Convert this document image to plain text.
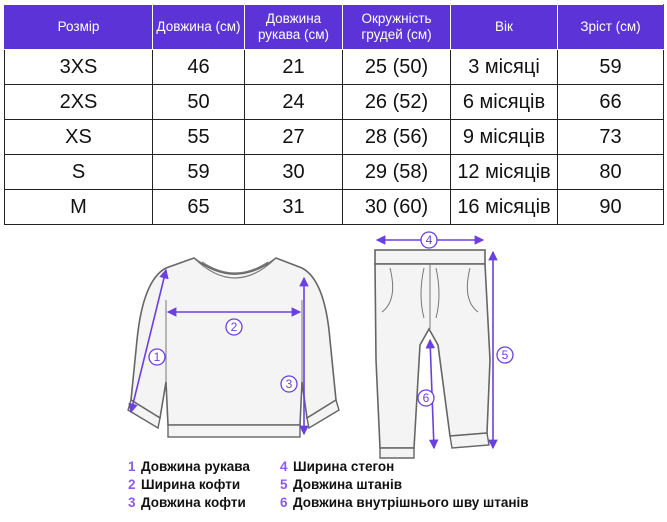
Розмір	Довжина (см)	Довжина рукава (см)	Окружність грудей (см)	Вік	Зріст (см)
3XS	46	21	25 (50)	3 місяці	59
2XS	50	24	26 (52)	6 місяців	66
XS	55	27	28 (56)	9 місяців	73
S	59	30	29 (58)	12 місяців	80
M	65	31	30 (60)	16 місяців	90
1
2
3
4
5
6
1 Довжина рукава
2 Ширина кофти
3 Довжина кофти
4 Ширина стегон
5 Довжина штанів
6 Довжина внутрішнього шву штанів
